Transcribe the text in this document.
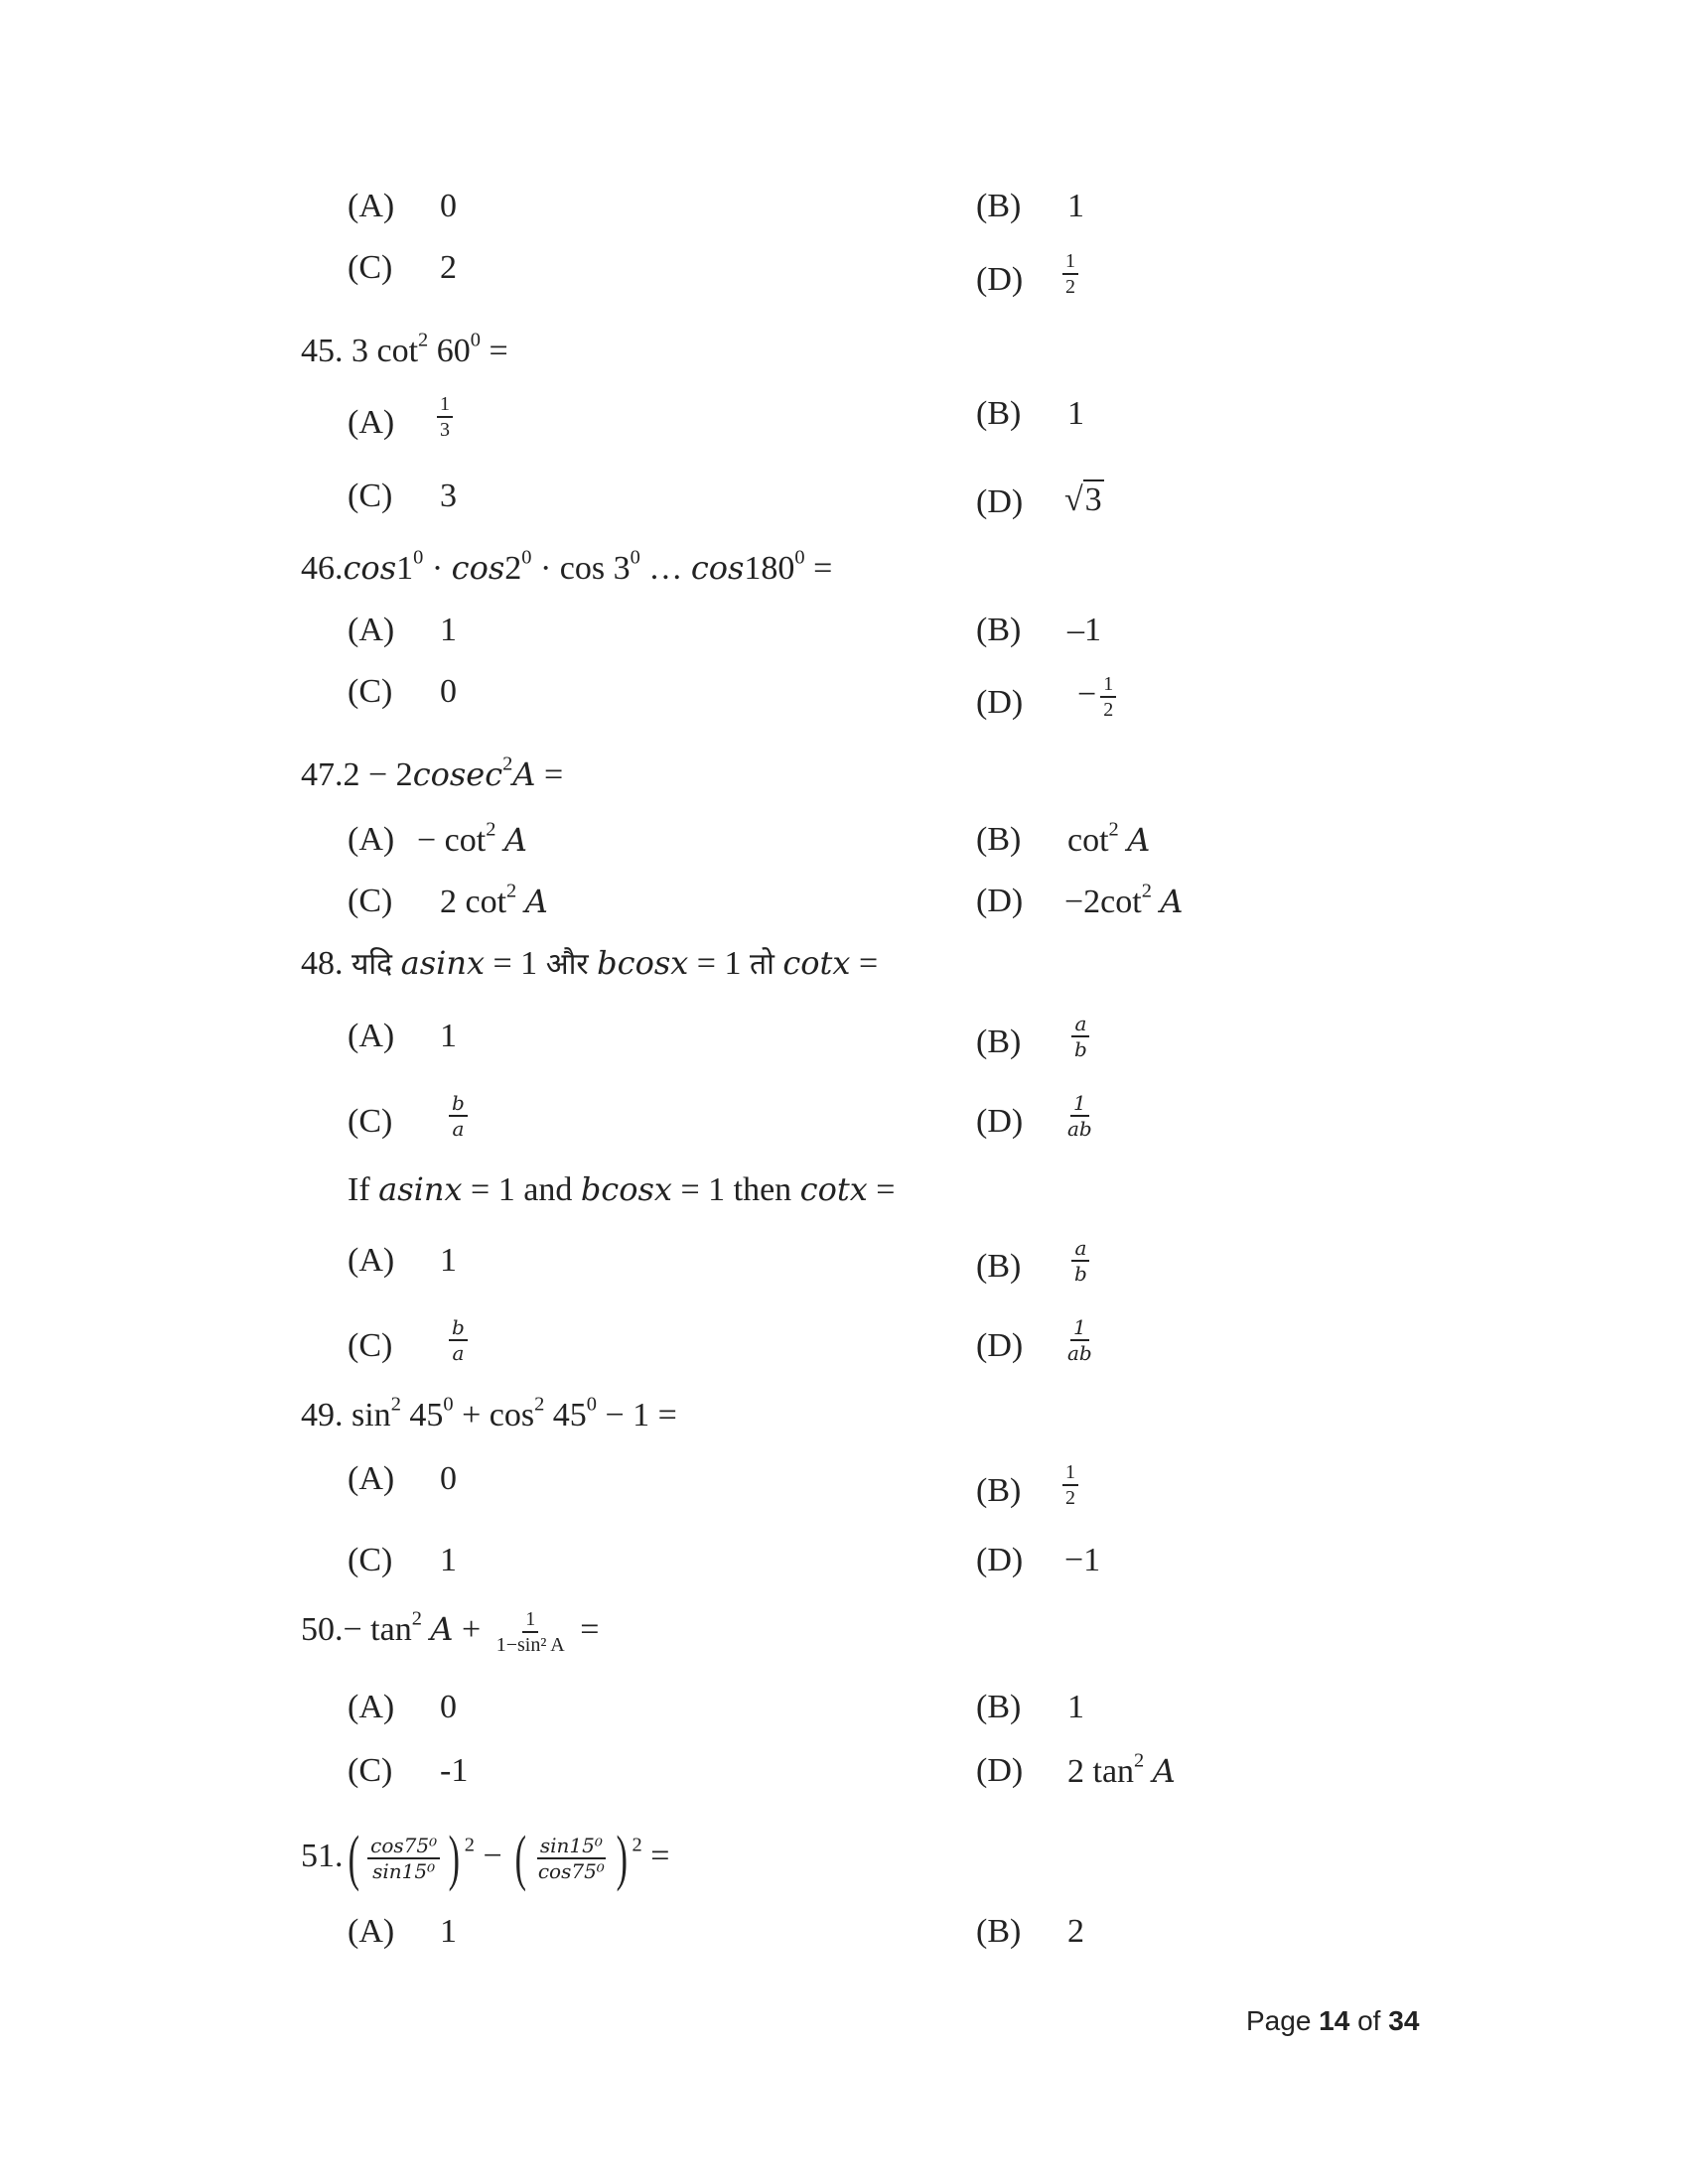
(A) 0	(B) 1
(C) 2	$(D) \frac{1}{2}$
45. 3 $\cot^2 60^0$ =
$(A) \frac{1}{3}$	(B) 1
(C) 3	(D) √3
$46.\cos 1^0 \cdot \cos 2^0 \cdot \cos 3^0$ … $\cos 180^0$ =
(A) 1	(B) –1
(C) 0	$(D) - \frac{1}{2}$
47.2 − 2cosec$^2$A =
$(A) - \cot^2 A$	(B) $\cot^2 A$
(C) 2 $\cot^2 A$	$(D) -2\cot^2$ A
48. यदि asinx = 1 और bcosx = 1 तो cotx =
(A) 1	(B)	$\frac{a}{b}$
(C)	$\frac{b}{a}$	$(D) \frac{1}{ab}$
If asinx = 1 and bcosx = 1 then cotx =
(A) 1	(B)	$\frac{a}{b}$
(C)	$\frac{b}{a}$	$(D) \frac{1}{ab}$
49. $\sin^2 45^0 + \cos^2 45^0 - 1$ =
(A) 0	$(B) \frac{1}{2}$
(C) 1	(D) −1
$50.- \tan^2 A + \frac{1}{\text{1−sin² A}}$ =
(A) 0	(B) 1
(C) -1	(D) 2 $\tan^2 A$
$51.( \frac{\text{cos75⁰}}{\text{sin15⁰}}$ ) $^2$ − ( $\frac{\text{sin15⁰}}{\text{cos75⁰}}$ ) $^2$ =
(A) 1	(B) 2
Page 14 of 34
